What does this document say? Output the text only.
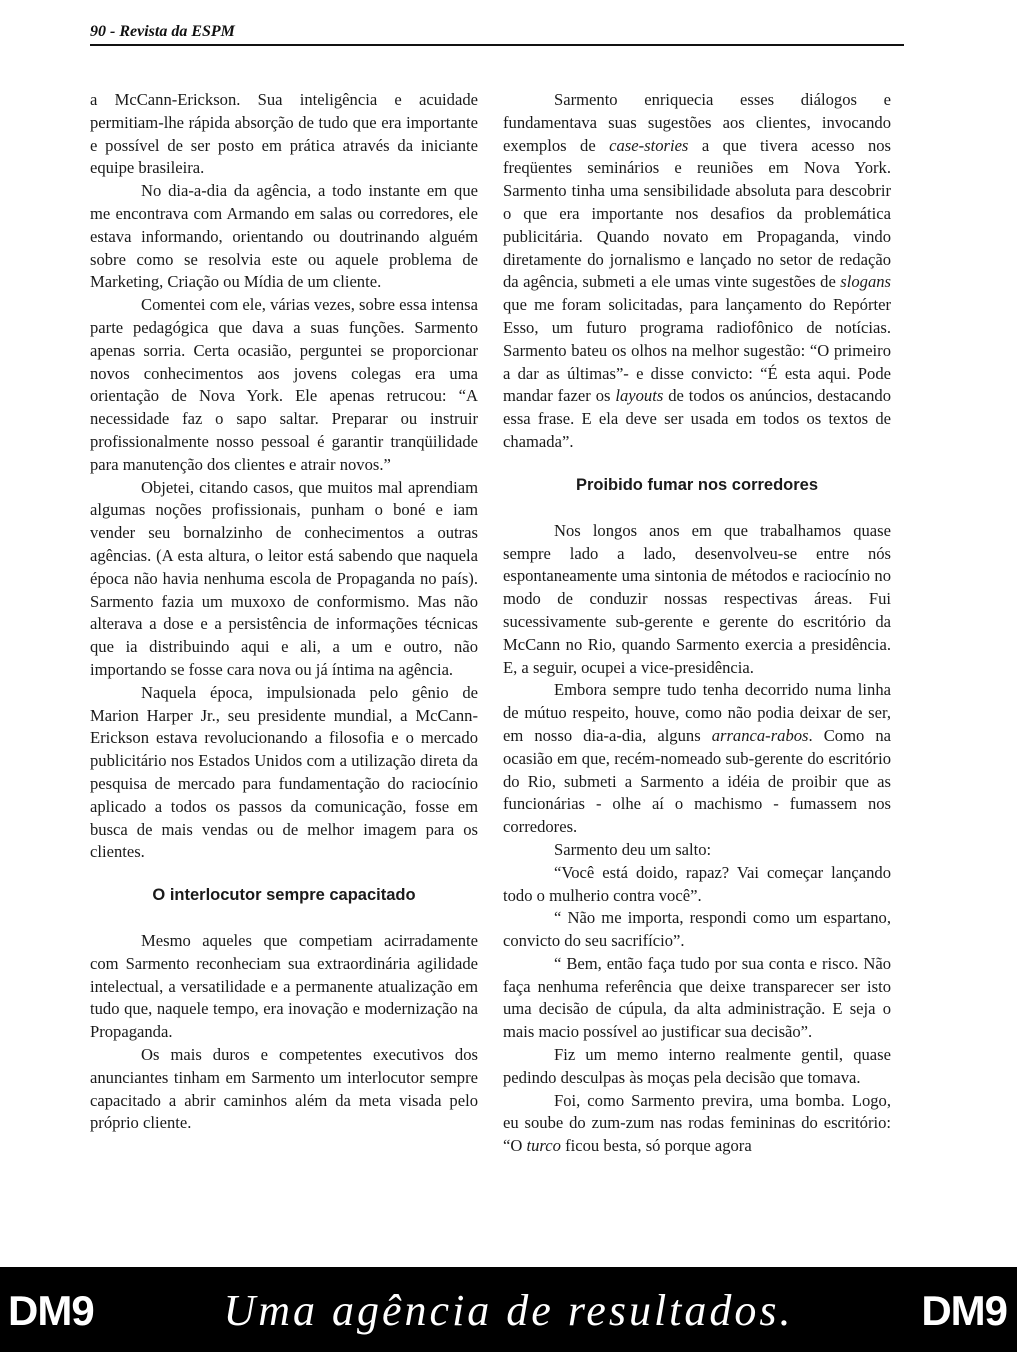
90 - Revista da ESPM

a McCann-Erickson. Sua inteligência e acuidade permitiam-lhe rápida absorção de tudo que era importante e possível de ser posto em prática através da iniciante equipe brasileira.

No dia-a-dia da agência, a todo instante em que me encontrava com Armando em salas ou corredores, ele estava informando, orientando ou doutrinando alguém sobre como se resolvia este ou aquele problema de Marketing, Criação ou Mídia de um cliente.

Comentei com ele, várias vezes, sobre essa intensa parte pedagógica que dava a suas funções. Sarmento apenas sorria. Certa ocasião, perguntei se proporcionar novos conhecimentos aos jovens colegas era uma orientação de Nova York. Ele apenas retrucou: “A necessidade faz o sapo saltar. Preparar ou instruir profissionalmente nosso pessoal é garantir tranqüilidade para manutenção dos clientes e atrair novos.”

Objetei, citando casos, que muitos mal aprendiam algumas noções profissionais, punham o boné e iam vender seu bornalzinho de conhecimentos a outras agências. (A esta altura, o leitor está sabendo que naquela época não havia nenhuma escola de Propaganda no país). Sarmento fazia um muxoxo de conformismo. Mas não alterava a dose e a persistência de informações técnicas que ia distribuindo aqui e ali, a um e outro, não importando se fosse cara nova ou já íntima na agência.

Naquela época, impulsionada pelo gênio de Marion Harper Jr., seu presidente mundial, a McCann-Erickson estava revolucionando a filosofia e o mercado publicitário nos Estados Unidos com a utilização direta da pesquisa de mercado para fundamentação do raciocínio aplicado a todos os passos da comunicação, fosse em busca de mais vendas ou de melhor imagem para os clientes.

O interlocutor sempre capacitado

Mesmo aqueles que competiam acirradamente com Sarmento reconheciam sua extraordinária agilidade intelectual, a versatilidade e a permanente atualização em tudo que, naquele tempo, era inovação e modernização na Propaganda.

Os mais duros e competentes executivos dos anunciantes tinham em Sarmento um interlocutor sempre capacitado a abrir caminhos além da meta visada pelo próprio cliente.

Sarmento enriquecia esses diálogos e fundamentava suas sugestões aos clientes, invocando exemplos de case-stories a que tivera acesso nos freqüentes seminários e reuniões em Nova York. Sarmento tinha uma sensibilidade absoluta para descobrir o que era importante nos desafios da problemática publicitária. Quando novato em Propaganda, vindo diretamente do jornalismo e lançado no setor de redação da agência, submeti a ele umas vinte sugestões de slogans que me foram solicitadas, para lançamento do Repórter Esso, um futuro programa radiofônico de notícias. Sarmento bateu os olhos na melhor sugestão: “O primeiro a dar as últimas”- e disse convicto: “É esta aqui. Pode mandar fazer os layouts de todos os anúncios, destacando essa frase. E ela deve ser usada em todos os textos de chamada”.

Proibido fumar nos corredores

Nos longos anos em que trabalhamos quase sempre lado a lado, desenvolveu-se entre nós espontaneamente uma sintonia de métodos e raciocínio no modo de conduzir nossas respectivas áreas. Fui sucessivamente sub-gerente e gerente do escritório da McCann no Rio, quando Sarmento exercia a presidência. E, a seguir, ocupei a vice-presidência.

Embora sempre tudo tenha decorrido numa linha de mútuo respeito, houve, como não podia deixar de ser, em nosso dia-a-dia, alguns arranca-rabos. Como na ocasião em que, recém-nomeado sub-gerente do escritório do Rio, submeti a Sarmento a idéia de proibir que as funcionárias - olhe aí o machismo - fumassem nos corredores.

Sarmento deu um salto:

“Você está doido, rapaz? Vai começar lançando todo o mulherio contra você”.

“ Não me importa, respondi como um espartano, convicto do seu sacrifício”.

“ Bem, então faça tudo por sua conta e risco. Não faça nenhuma referência que deixe transparecer ser isto uma decisão de cúpula, da alta administração. E seja o mais macio possível ao justificar sua decisão”.

Fiz um memo interno realmente gentil, quase pedindo desculpas às moças pela decisão que tomava.

Foi, como Sarmento previra, uma bomba. Logo, eu soube do zum-zum nas rodas femininas do escritório: “O turco ficou besta, só porque agora

DM9	Uma agência de resultados.	DM9
